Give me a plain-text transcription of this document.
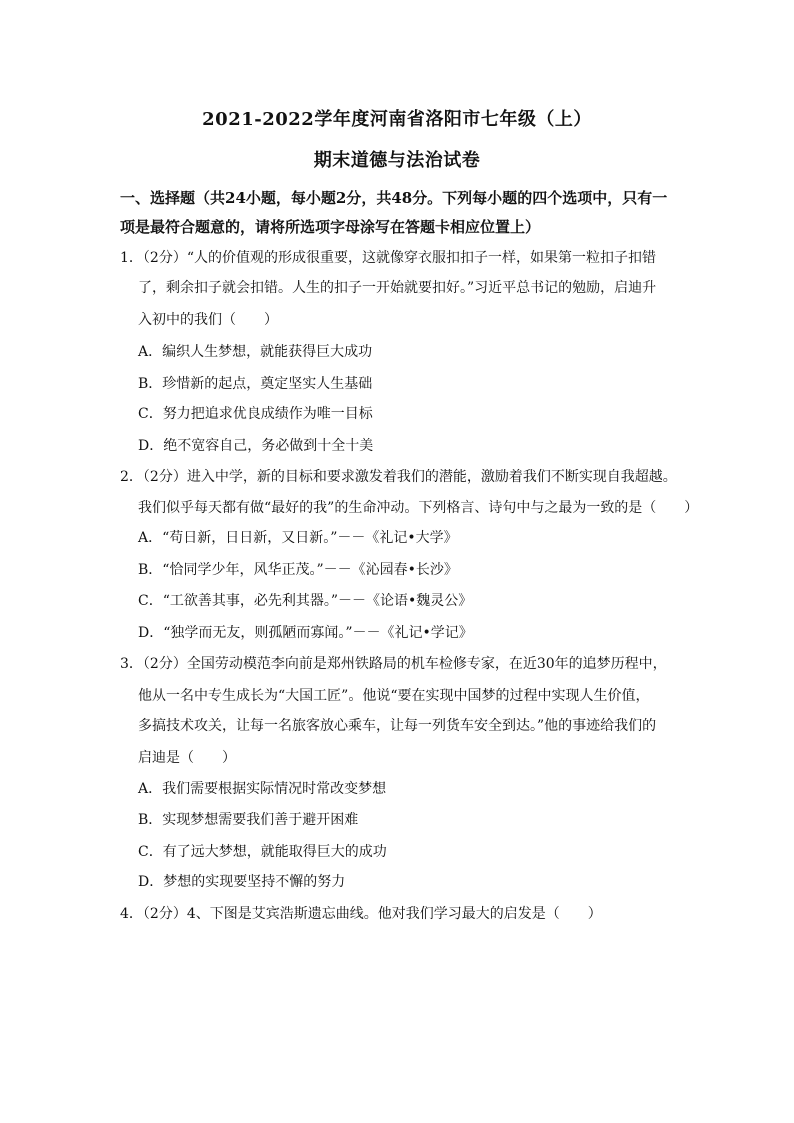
2021-2022学年度河南省洛阳市七年级（上）
期末道德与法治试卷
一、选择题（共24小题，每小题2分，共48分。下列每小题的四个选项中，只有一项是最符合题意的，请将所选项字母涂写在答题卡相应位置上）
1．（2分）“人的价值观的形成很重要，这就像穿衣服扣扣子一样，如果第一粒扣子扣错
了，剩余扣子就会扣错。人生的扣子一开始就要扣好。”习近平总书记的勉励，启迪升
入初中的我们（　　）
A．编织人生梦想，就能获得巨大成功
B．珍惜新的起点，奠定坚实人生基础
C．努力把追求优良成绩作为唯一目标
D．绝不宽容自己，务必做到十全十美
2．（2分）进入中学，新的目标和要求激发着我们的潜能，激励着我们不断实现自我超越。
我们似乎每天都有做“最好的我”的生命冲动。下列格言、诗句中与之最为一致的是（　　）
A．“苟日新，日日新，又日新。”－－《礼记•大学》
B．“恰同学少年，风华正茂。”－－《沁园春•长沙》
C．“工欲善其事，必先利其器。”－－《论语•魏灵公》
D．“独学而无友，则孤陋而寡闻。”－－《礼记•学记》
3．（2分）全国劳动模范李向前是郑州铁路局的机车检修专家，在近30年的追梦历程中，
他从一名中专生成长为“大国工匠”。他说“要在实现中国梦的过程中实现人生价值，
多搞技术攻关，让每一名旅客放心乘车，让每一列货车安全到达。”他的事迹给我们的
启迪是（　　）
A．我们需要根据实际情况时常改变梦想
B．实现梦想需要我们善于避开困难
C．有了远大梦想，就能取得巨大的成功
D．梦想的实现要坚持不懈的努力
4．（2分）4、下图是艾宾浩斯遗忘曲线。他对我们学习最大的启发是（　　）
